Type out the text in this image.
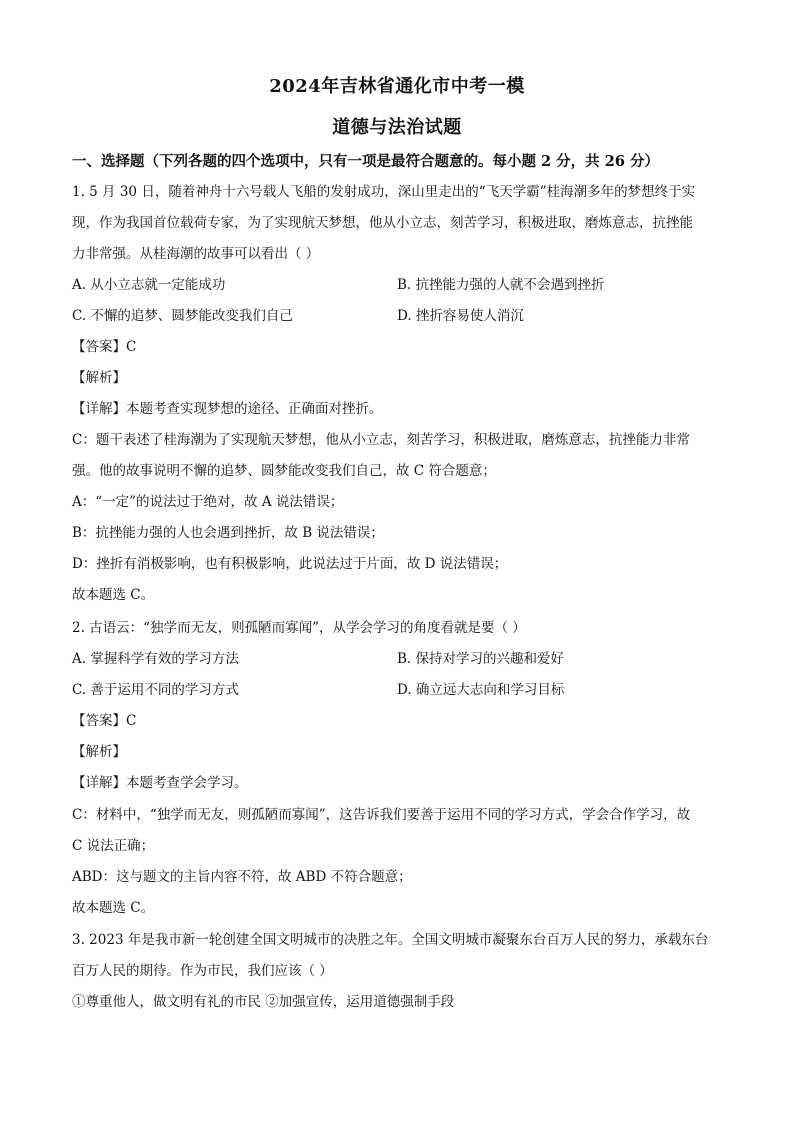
2024年吉林省通化市中考一模
道德与法治试题
一、选择题（下列各题的四个选项中，只有一项是最符合题意的。每小题 2 分，共 26 分）
1. 5 月 30 日，随着神舟十六号载人飞船的发射成功，深山里走出的“飞天学霸”桂海潮多年的梦想终于实
现，作为我国首位载荷专家，为了实现航天梦想，他从小立志，刻苦学习，积极进取，磨炼意志，抗挫能
力非常强。从桂海潮的故事可以看出（ ）
A. 从小立志就一定能成功	B. 抗挫能力强的人就不会遇到挫折
C. 不懈的追梦、圆梦能改变我们自己	D. 挫折容易使人消沉
【答案】C
【解析】
【详解】本题考查实现梦想的途径、正确面对挫折。
C：题干表述了桂海潮为了实现航天梦想，他从小立志，刻苦学习，积极进取，磨炼意志，抗挫能力非常
强。他的故事说明不懈的追梦、圆梦能改变我们自己，故 C 符合题意；
A：“一定”的说法过于绝对，故 A 说法错误；
B：抗挫能力强的人也会遇到挫折，故 B 说法错误；
D：挫折有消极影响，也有积极影响，此说法过于片面，故 D 说法错误；
故本题选 C。
2. 古语云：“独学而无友，则孤陋而寡闻”，从学会学习的角度看就是要（ ）
A. 掌握科学有效的学习方法	B. 保持对学习的兴趣和爱好
C. 善于运用不同的学习方式	D. 确立远大志向和学习目标
【答案】C
【解析】
【详解】本题考查学会学习。
C：材料中，“独学而无友，则孤陋而寡闻”，这告诉我们要善于运用不同的学习方式，学会合作学习，故
C 说法正确；
ABD：这与题文的主旨内容不符，故 ABD 不符合题意；
故本题选 C。
3. 2023 年是我市新一轮创建全国文明城市的决胜之年。全国文明城市凝聚东台百万人民的努力，承载东台
百万人民的期待。作为市民，我们应该（ ）
①尊重他人，做文明有礼的市民 ②加强宣传，运用道德强制手段
